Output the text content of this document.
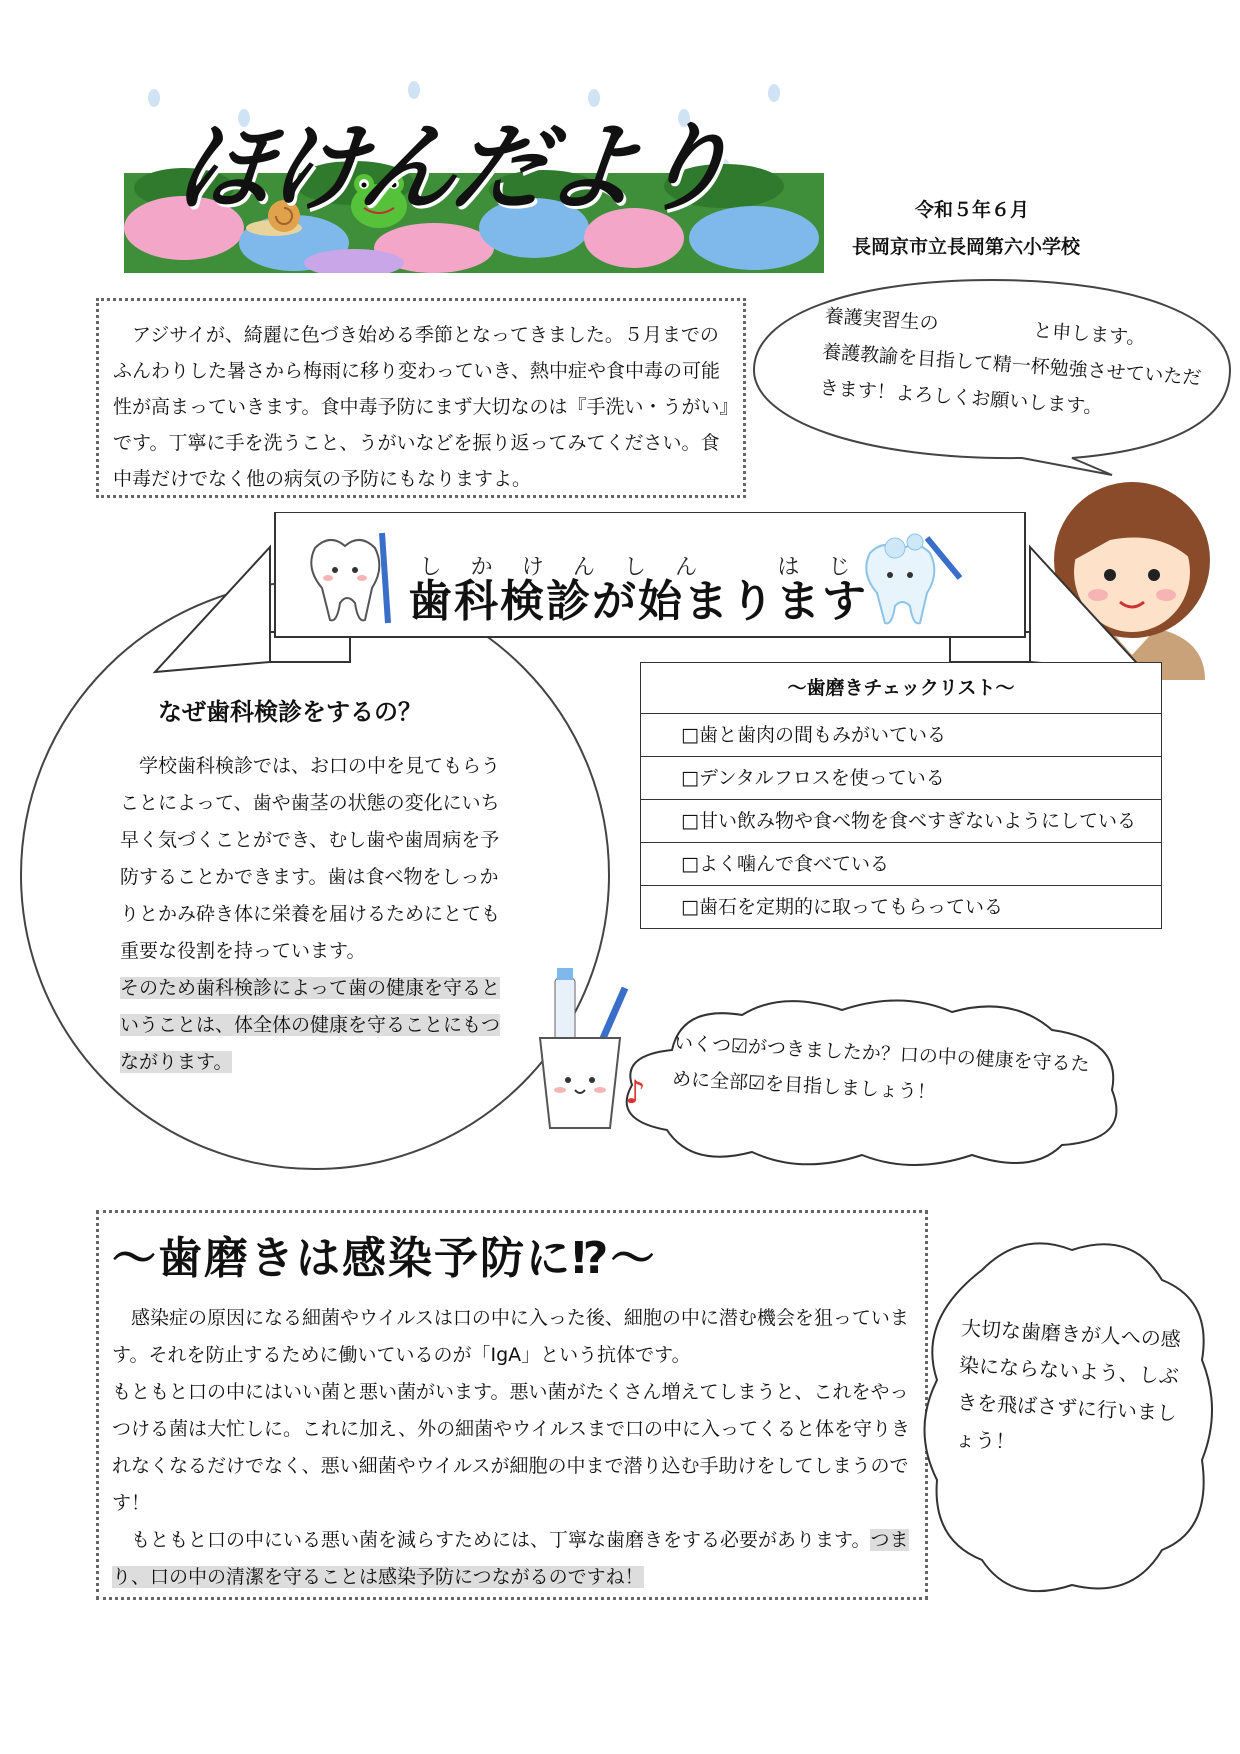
ほけんだより	令和５年６月
長岡京市立長岡第六小学校
アジサイが、綺麗に色づき始める季節となってきました。５月までのふんわりした暑さから梅雨に移り変わっていき、熱中症や食中毒の可能性が高まっていきます。食中毒予防にまず大切なのは『手洗い・うがい』です。丁寧に手を洗うこと、うがいなどを振り返ってみてください。食中毒だけでなく他の病気の予防にもなりますよ。
養護実習生の　　　　　と申します。
養護教諭を目指して精一杯勉強させていただきます！よろしくお願いします。
歯科検診が始まりますしかけんしん　はじ
なぜ歯科検診をするの？
学校歯科検診では、お口の中を見てもらうことによって、歯や歯茎の状態の変化にいち早く気づくことができ、むし歯や歯周病を予防することかできます。歯は食べ物をしっかりとかみ砕き体に栄養を届けるためにとても重要な役割を持っています。
そのため歯科検診によって歯の健康を守るということは、体全体の健康を守ることにもつながります。
～歯磨きチェックリスト～
□歯と歯肉の間もみがいている
□デンタルフロスを使っている
□甘い飲み物や食べ物を食べすぎないようにしている
□よく噛んで食べている
□歯石を定期的に取ってもらっている
♪
いくつ☑がつきましたか？口の中の健康を守るために全部☑を目指しましょう！
～歯磨きは感染予防に⁉～
感染症の原因になる細菌やウイルスは口の中に入った後、細胞の中に潜む機会を狙っています。それを防止するために働いているのが「IgA」という抗体です。
もともと口の中にはいい菌と悪い菌がいます。悪い菌がたくさん増えてしまうと、これをやっつける菌は大忙しに。これに加え、外の細菌やウイルスまで口の中に入ってくると体を守りきれなくなるだけでなく、悪い細菌やウイルスが細胞の中まで潜り込む手助けをしてしまうのです！
もともと口の中にいる悪い菌を減らすためには、丁寧な歯磨きをする必要があります。つまり、口の中の清潔を守ることは感染予防につながるのですね！
大切な歯磨きが人への感染にならないよう、しぶきを飛ばさずに行いましょう！
